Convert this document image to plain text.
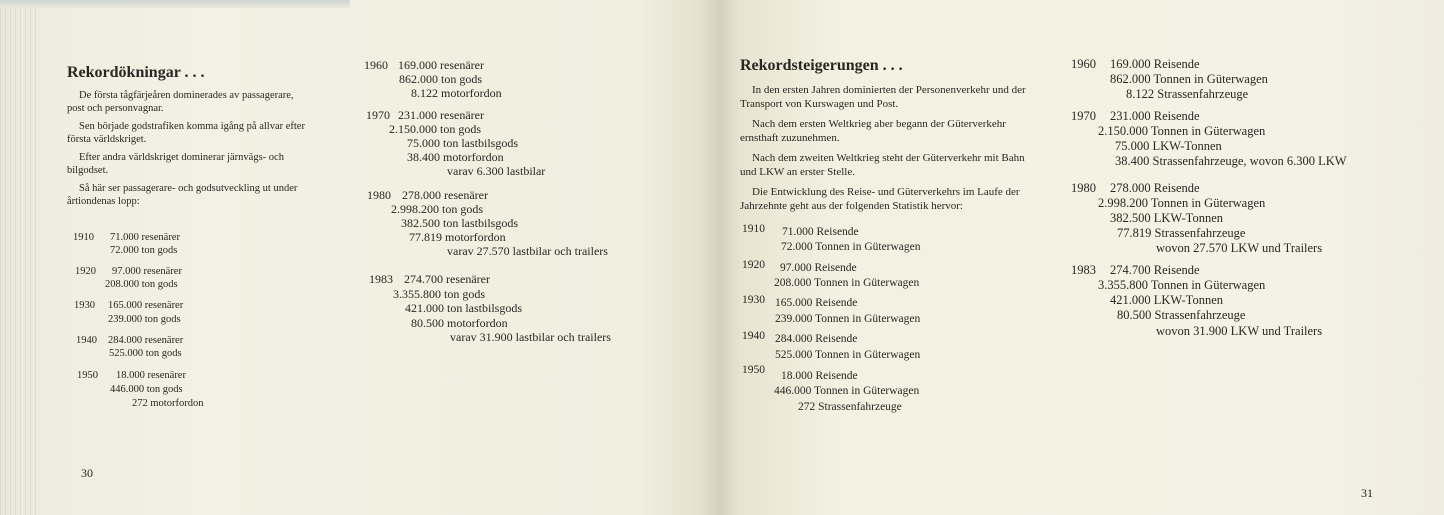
Rekordökningar . . .

De första tågfärjeåren dominerades av passagerare, post och personvagnar.

Sen började godstrafiken komma igång på allvar efter första världskriget.

Efter andra världskriget dominerar järnvägs- och bilgodset.

Så här ser passagerare- och godsutveckling ut under årtiondenas lopp:

1910 71.000 resenärer
72.000 ton gods
1920 97.000 resenärer
208.000 ton gods
1930 165.000 resenärer
239.000 ton gods
1940 284.000 resenärer
525.000 ton gods
1950 18.000 resenärer
446.000 ton gods
272 motorfordon
1960 169.000 resenärer
862.000 ton gods
8.122 motorfordon
1970 231.000 resenärer
2.150.000 ton gods
75.000 ton lastbilsgods
38.400 motorfordon
varav 6.300 lastbilar
1980 278.000 resenärer
2.998.200 ton gods
382.500 ton lastbilsgods
77.819 motorfordon
varav 27.570 lastbilar och trailers
1983 274.700 resenärer
3.355.800 ton gods
421.000 ton lastbilsgods
80.500 motorfordon
varav 31.900 lastbilar och trailers
30
Rekordsteigerungen . . .

In den ersten Jahren dominierten der Personenverkehr und der Transport von Kurswagen und Post.

Nach dem ersten Weltkrieg aber begann der Güterverkehr ernsthaft zuzunehmen.

Nach dem zweiten Weltkrieg steht der Güterverkehr mit Bahn und LKW an erster Stelle.

Die Entwicklung des Reise- und Güterverkehrs im Laufe der Jahrzehnte geht aus der folgenden Statistik hervor:

1910 71.000 Reisende
72.000 Tonnen in Güterwagen
1920 97.000 Reisende
208.000 Tonnen in Güterwagen
1930 165.000 Reisende
239.000 Tonnen in Güterwagen
1940 284.000 Reisende
525.000 Tonnen in Güterwagen
1950 18.000 Reisende
446.000 Tonnen in Güterwagen
272 Strassenfahrzeuge
1960 169.000 Reisende
862.000 Tonnen in Güterwagen
8.122 Strassenfahrzeuge
1970 231.000 Reisende
2.150.000 Tonnen in Güterwagen
75.000 LKW-Tonnen
38.400 Strassenfahrzeuge, wovon 6.300 LKW
1980 278.000 Reisende
2.998.200 Tonnen in Güterwagen
382.500 LKW-Tonnen
77.819 Strassenfahrzeuge
wovon 27.570 LKW und Trailers
1983 274.700 Reisende
3.355.800 Tonnen in Güterwagen
421.000 LKW-Tonnen
80.500 Strassenfahrzeuge
wovon 31.900 LKW und Trailers
31
